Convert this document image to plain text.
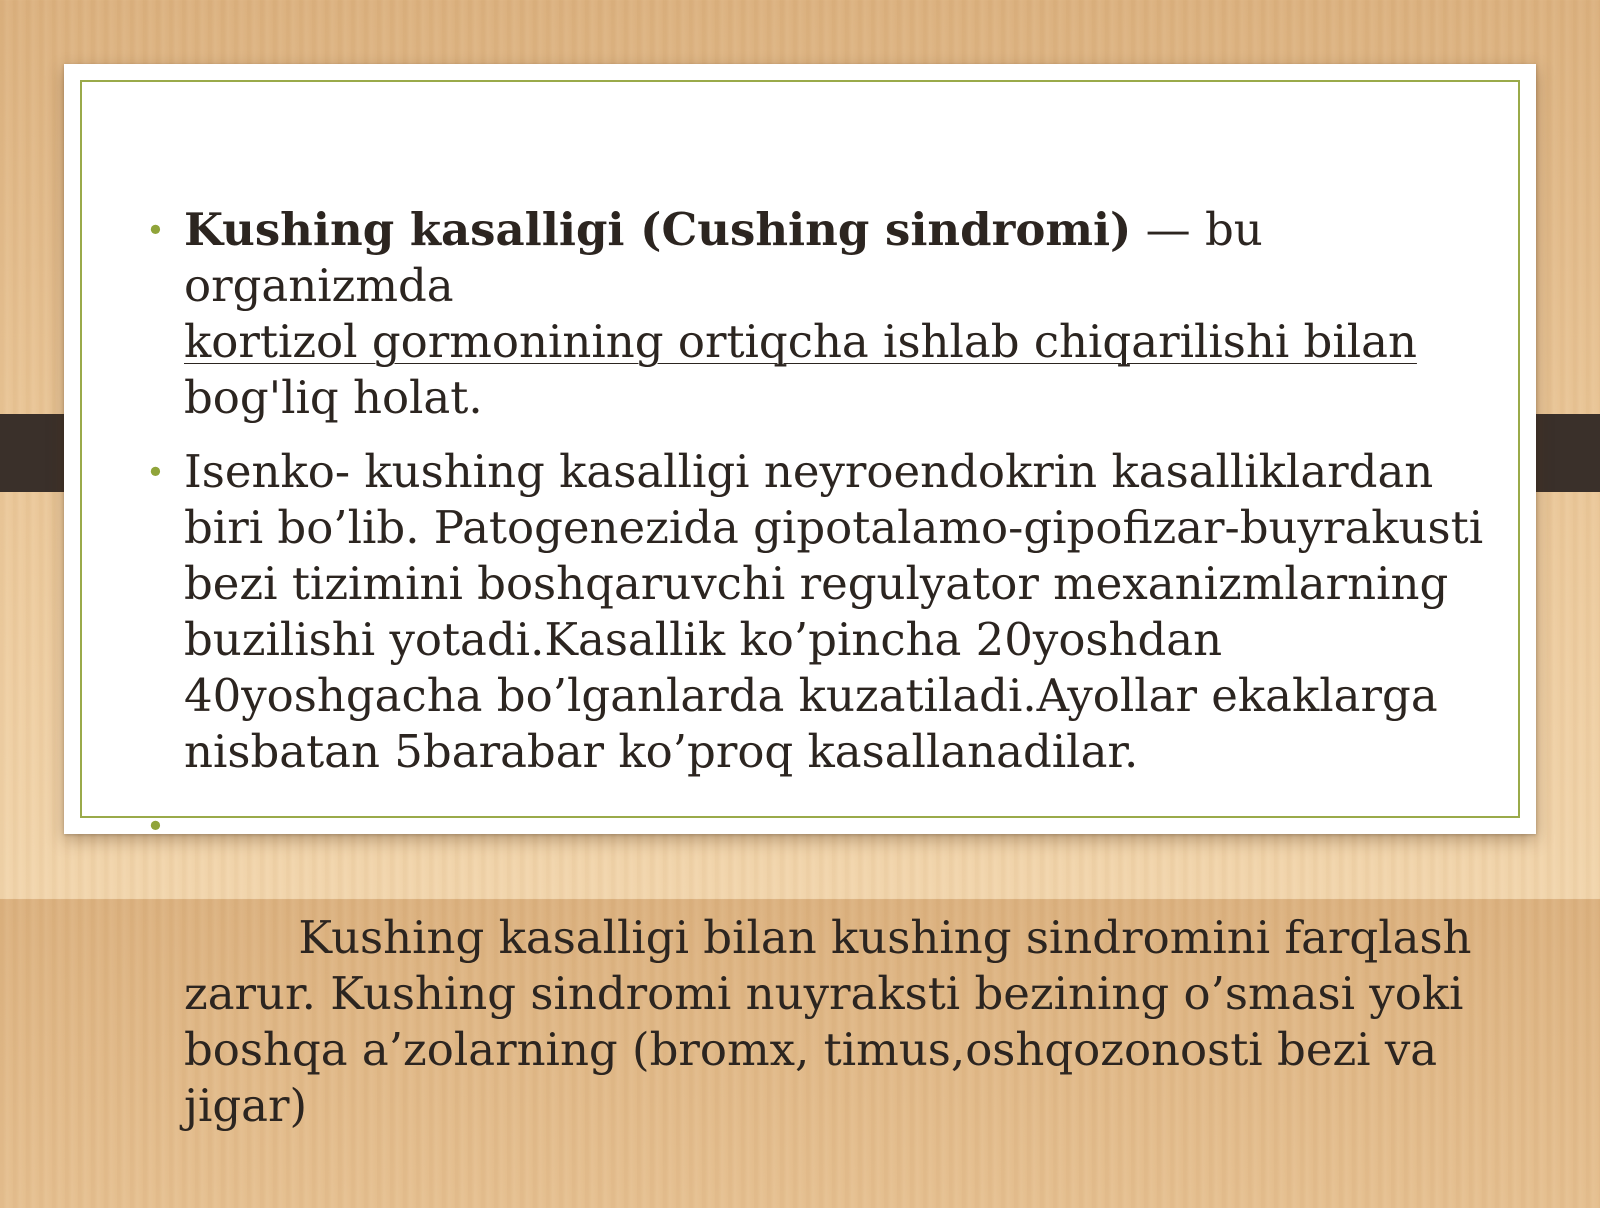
• Kushing kasalligi (Cushing sindromi) — bu organizmda
kortizol gormonining ortiqcha ishlab chiqarilishi bilan
bog'liq holat.
• Isenko- kushing kasalligi neyroendokrin kasalliklardan biri bo’lib. Patogenezida gipotalamo-gipofizar-buyrakusti bezi tizimini boshqaruvchi regulyator mexanizmlarning buzilishi yotadi.Kasallik ko’pincha 20yoshdan 40yoshgacha bo’lganlarda kuzatiladi.Ayollar ekaklarga nisbatan 5barabar ko’proq kasallanadilar.

•

Kushing kasalligi bilan kushing sindromini farqlash zarur. Kushing sindromi nuyraksti bezining o’smasi yoki boshqa a’zolarning (bromx, timus,oshqozonosti bezi va jigar)
